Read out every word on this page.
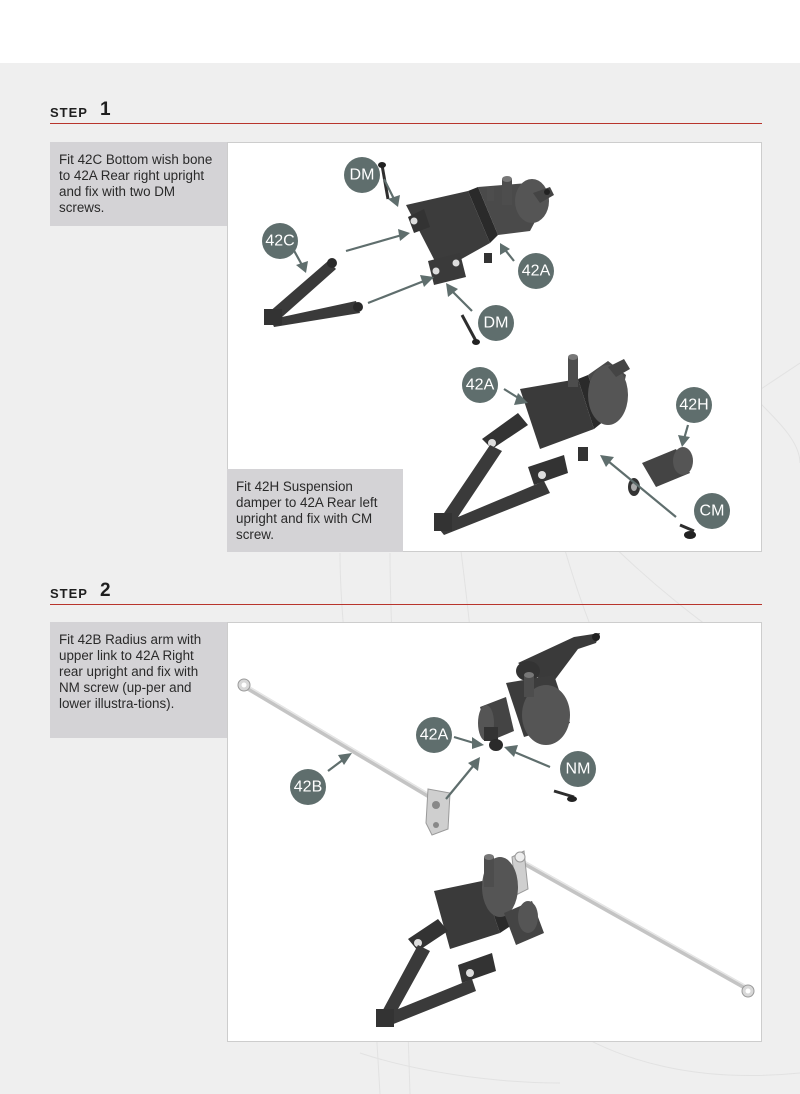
STEP 1
DM
42C
42A
DM
42A
42H
CM
Fit 42C Bottom wish bone to 42A Rear right upright and fix with two DM screws.
Fit 42H Suspension damper to 42A Rear left upright and fix with CM screw.
STEP 2
42A
NM
42B
Fit 42B Radius arm with upper link to 42A Right rear upright and fix with NM screw (up-per and lower illustra-tions).
